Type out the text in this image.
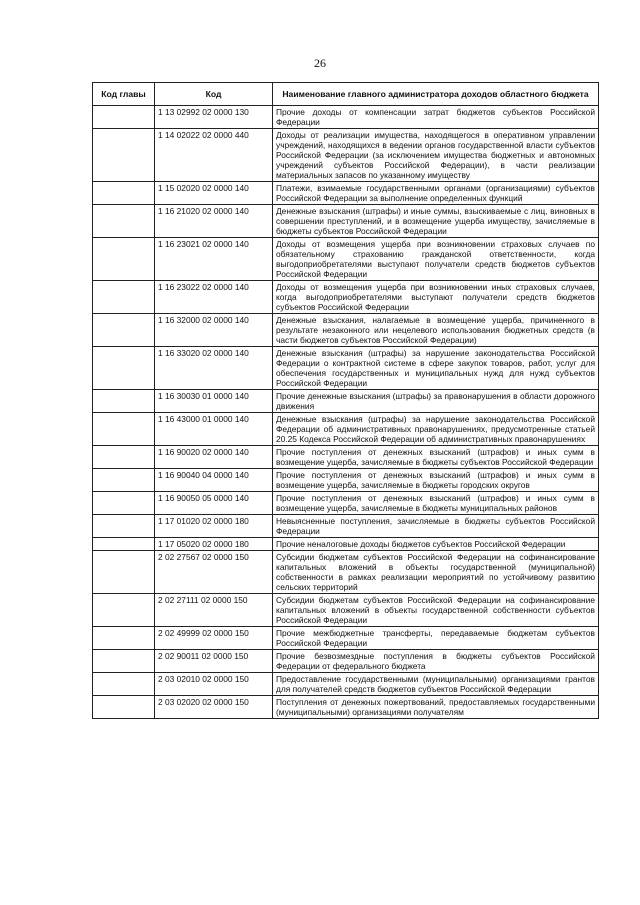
26
Код главы	Код	Наименование главного администратора доходов областного бюджета
	1 13 02992 02 0000 130	Прочие доходы от компенсации затрат бюджетов субъектов Российской Федерации
	1 14 02022 02 0000 440	Доходы от реализации имущества, находящегося в оперативном управлении учреждений, находящихся в ведении органов государственной власти субъектов Российской Федерации (за исключением имущества бюджетных и автономных учреждений субъектов Российской Федерации), в части реализации материальных запасов по указанному имуществу
	1 15 02020 02 0000 140	Платежи, взимаемые государственными органами (организациями) субъектов Российской Федерации за выполнение определенных функций
	1 16 21020 02 0000 140	Денежные взыскания (штрафы) и иные суммы, взыскиваемые с лиц, виновных в совершении преступлений, и в возмещение ущерба имуществу, зачисляемые в бюджеты субъектов Российской Федерации
	1 16 23021 02 0000 140	Доходы от возмещения ущерба при возникновении страховых случаев по обязательному страхованию гражданской ответственности, когда выгодоприобретателями выступают получатели средств бюджетов субъектов Российской Федерации
	1 16 23022 02 0000 140	Доходы от возмещения ущерба при возникновении иных страховых случаев, когда выгодоприобретателями выступают получатели средств бюджетов субъектов Российской Федерации
	1 16 32000 02 0000 140	Денежные взыскания, налагаемые в возмещение ущерба, причиненного в результате незаконного или нецелевого использования бюджетных средств (в части бюджетов субъектов Российской Федерации)
	1 16 33020 02 0000 140	Денежные взыскания (штрафы) за нарушение законодательства Российской Федерации о контрактной системе в сфере закупок товаров, работ, услуг для обеспечения государственных и муниципальных нужд для нужд субъектов Российской Федерации
	1 16 30030 01 0000 140	Прочие денежные взыскания (штрафы) за правонарушения в области дорожного движения
	1 16 43000 01 0000 140	Денежные взыскания (штрафы) за нарушение законодательства Российской Федерации об административных правонарушениях, предусмотренные статьей 20.25 Кодекса Российской Федерации об административных правонарушениях
	1 16 90020 02 0000 140	Прочие поступления от денежных взысканий (штрафов) и иных сумм в возмещение ущерба, зачисляемые в бюджеты субъектов Российской Федерации
	1 16 90040 04 0000 140	Прочие поступления от денежных взысканий (штрафов) и иных сумм в возмещение ущерба, зачисляемые в бюджеты городских округов
	1 16 90050 05 0000 140	Прочие поступления от денежных взысканий (штрафов) и иных сумм в возмещение ущерба, зачисляемые в бюджеты муниципальных районов
	1 17 01020 02 0000 180	Невыясненные поступления, зачисляемые в бюджеты субъектов Российской Федерации
	1 17 05020 02 0000 180	Прочие неналоговые доходы бюджетов субъектов Российской Федерации
	2 02 27567 02 0000 150	Субсидии бюджетам субъектов Российской Федерации на софинансирование капитальных вложений в объекты государственной (муниципальной) собственности в рамках реализации мероприятий по устойчивому развитию сельских территорий
	2 02 27111 02 0000 150	Субсидии бюджетам субъектов Российской Федерации на софинансирование капитальных вложений в объекты государственной собственности субъектов Российской Федерации
	2 02 49999 02 0000 150	Прочие межбюджетные трансферты, передаваемые бюджетам субъектов Российской Федерации
	2 02 90011 02 0000 150	Прочие безвозмездные поступления в бюджеты субъектов Российской Федерации от федерального бюджета
	2 03 02010 02 0000 150	Предоставление государственными (муниципальными) организациями грантов для получателей средств бюджетов субъектов Российской Федерации
	2 03 02020 02 0000 150	Поступления от денежных пожертвований, предоставляемых государственными (муниципальными) организациями получателям
